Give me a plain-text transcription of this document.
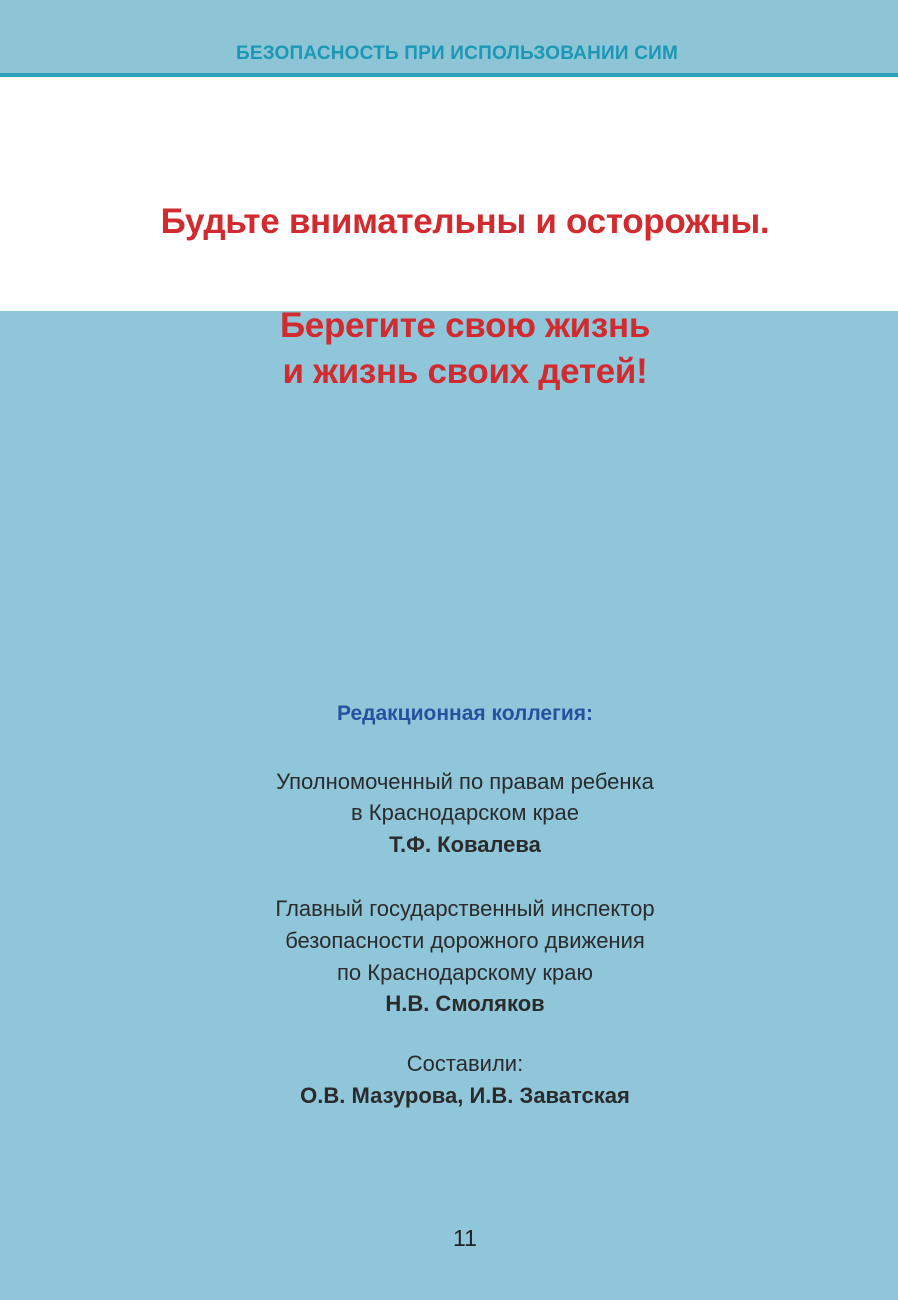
БЕЗОПАСНОСТЬ ПРИ ИСПОЛЬЗОВАНИИ СИМ
Будьте внимательны и осторожны.
Берегите свою жизнь
и жизнь своих детей!
Редакционная коллегия:
Уполномоченный по правам ребенка
в Краснодарском крае
Т.Ф. Ковалева
Главный государственный инспектор
безопасности дорожного движения
по Краснодарскому краю
Н.В. Смоляков
Составили:
О.В. Мазурова, И.В. Заватская
11
